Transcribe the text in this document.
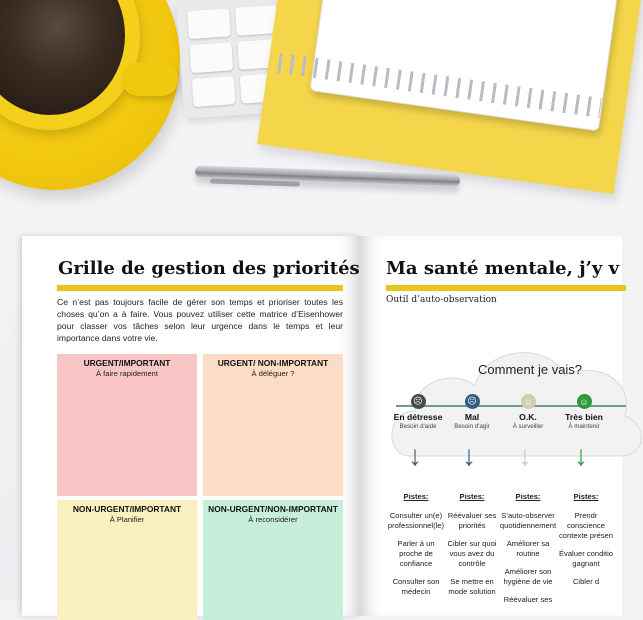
Grille de gestion des priorités
Ce n’est pas toujours facile de gérer son temps et prioriser toutes les choses qu’on a à faire. Vous pouvez utiliser cette matrice d’Eisenhower pour classer vos tâches selon leur urgence dans le temps et leur importance dans votre vie.
URGENT/IMPORTANT
À faire rapidement
URGENT/ NON-IMPORTANT
À déléguer ?
NON-URGENT/IMPORTANT
À Planifier
NON-URGENT/NON-IMPORTANT
À reconsidérer
Ma santé mentale, j’y v
Outil d’auto-observation
Comment je vais?
☹
En détresse
Besoin d'aide
☹
Mal
Besoin d'agir
☺
O.K.
À surveiller
☺
Très bien
À maintenir
↓ ↓ ↓ ↓
Pistes:
Consulter un(e) professionnel(le)
Parler à un proche de confiance
Consulter son médecin
Pistes:
Réévaluer ses priorités
Cibler sur quoi vous avez du contrôle
Se mettre en mode solution
Pistes:
S’auto-observer quotidiennement
Améliorer sa routine
Améliorer son hygiène de vie
Réévaluer ses
Pistes:
Prendr conscience contexte présen
Évaluer conditio gagnant
Cibler d
